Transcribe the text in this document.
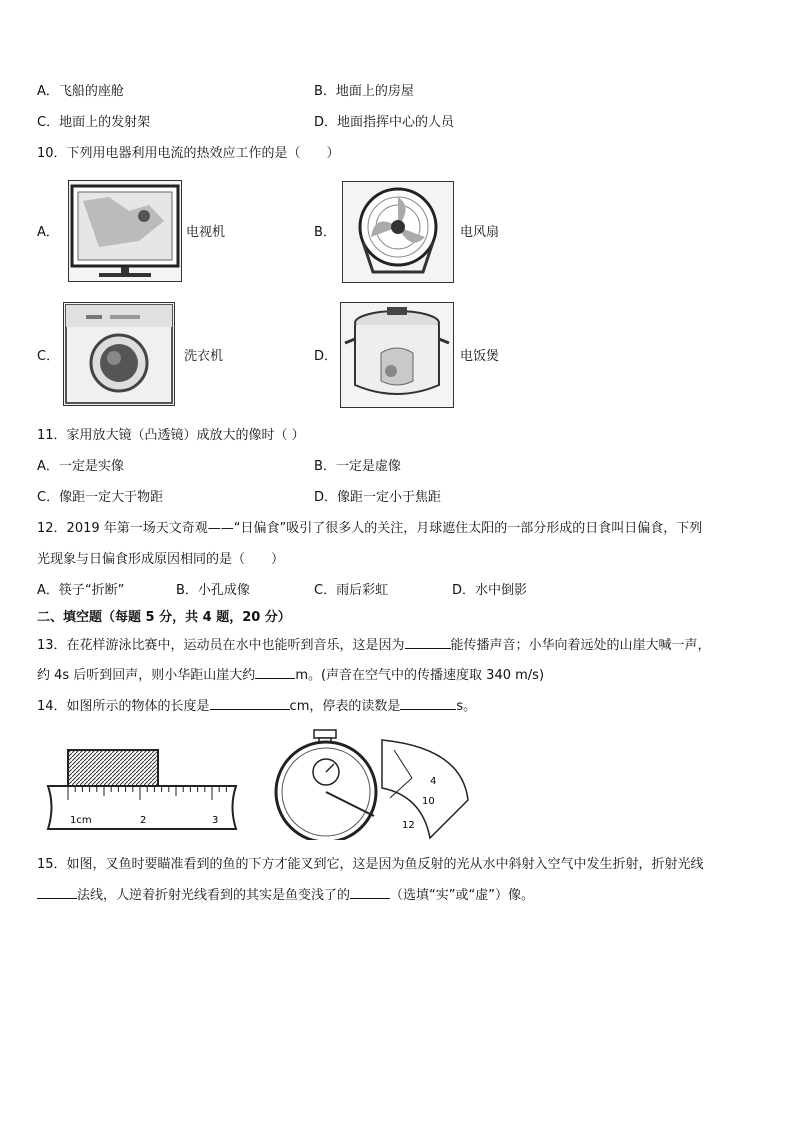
A．飞船的座舱	B．地面上的房屋
C．地面上的发射架	D．地面指挥中心的人员
10．下列用电器利用电流的热效应工作的是（　　）
A．	电视机	B．	电风扇
C．	洗衣机	D．	电饭煲
11．家用放大镜（凸透镜）成放大的像时（ ）
A．一定是实像	B．一定是虚像
C．像距一定大于物距	D．像距一定小于焦距
12．2019 年第一场天文奇观——“日偏食”吸引了很多人的关注，月球遮住太阳的一部分形成的日食叫日偏食，下列
光现象与日偏食形成原因相同的是（　　）
A．筷子“折断”	B．小孔成像	C．雨后彩虹	D．水中倒影
二、填空题（每题 5 分，共 4 题，20 分）
13．在花样游泳比赛中，运动员在水中也能听到音乐，这是因为	能传播声音；小华向着远处的山崖大喊一声，
约 4s 后听到回声，则小华距山崖大约	m。(声音在空气中的传播速度取 340 m/s)
14．如图所示的物体的长度是	cm，停表的读数是	s。
1cm	2	3
4
10
12
15．如图，叉鱼时要瞄准看到的鱼的下方才能叉到它，这是因为鱼反射的光从水中斜射入空气中发生折射，折射光线
法线，人逆着折射光线看到的其实是鱼变浅了的	（选填“实”或“虚”）像。
